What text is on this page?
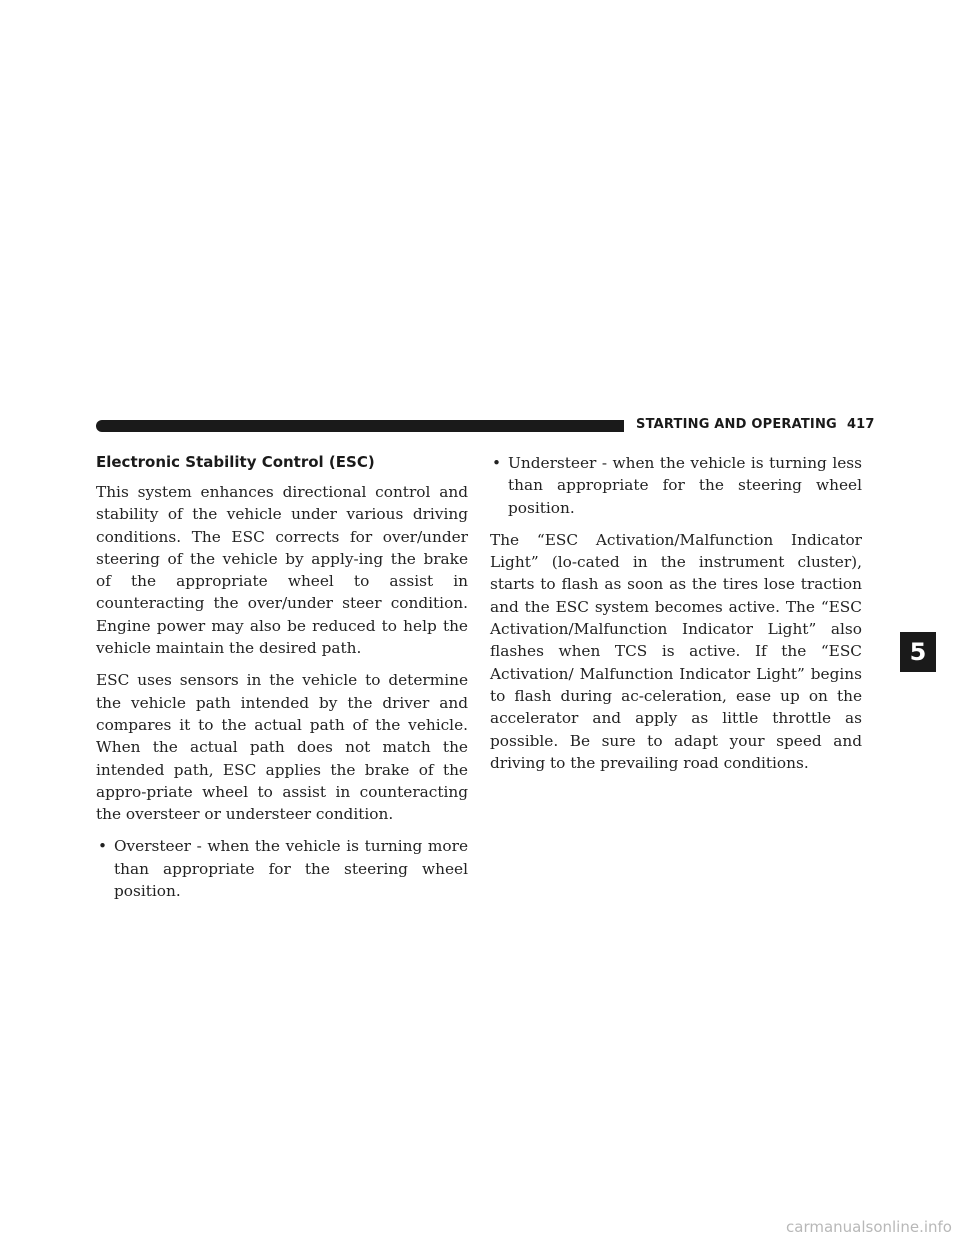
STARTING AND OPERATING 417
Electronic Stability Control (ESC)

This system enhances directional control and stability of the vehicle under various driving conditions. The ESC corrects for over/under steering of the vehicle by apply-ing the brake of the appropriate wheel to assist in counteracting the over/under steer condition. Engine power may also be reduced to help the vehicle maintain the desired path.

ESC uses sensors in the vehicle to determine the vehicle path intended by the driver and compares it to the actual path of the vehicle. When the actual path does not match the intended path, ESC applies the brake of the appro-priate wheel to assist in counteracting the oversteer or understeer condition.

• Oversteer - when the vehicle is turning more than appropriate for the steering wheel position.
• Understeer - when the vehicle is turning less than appropriate for the steering wheel position.

The “ESC Activation/Malfunction Indicator Light” (lo-cated in the instrument cluster), starts to flash as soon as the tires lose traction and the ESC system becomes active. The “ESC Activation/Malfunction Indicator Light” also flashes when TCS is active. If the “ESC Activation/ Malfunction Indicator Light” begins to flash during ac-celeration, ease up on the accelerator and apply as little throttle as possible. Be sure to adapt your speed and driving to the prevailing road conditions.

5
carmanualsonline.info
